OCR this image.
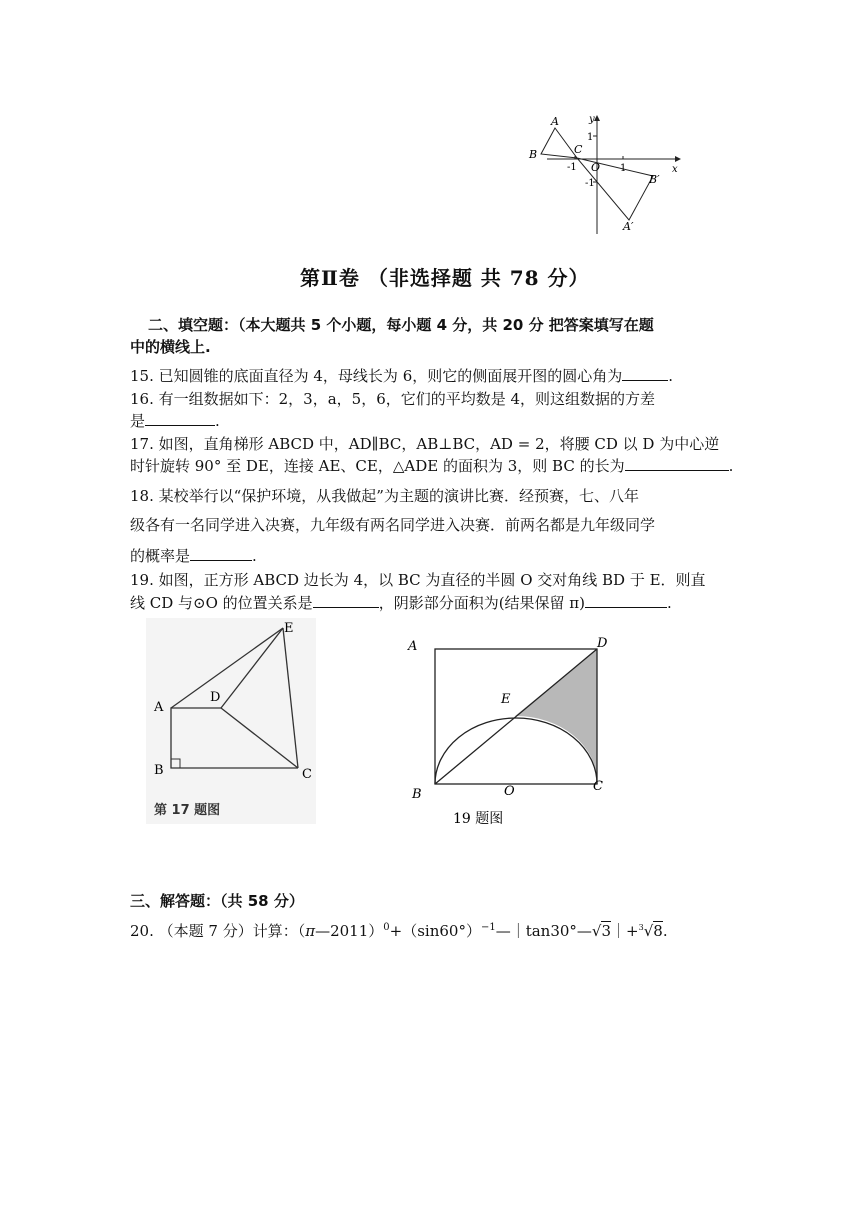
A
B	C
O
B′
A′
x
y
1
-1
-1	1
第Ⅱ卷 （非选择题 共 78 分）
二、填空题：（本大题共 5 个小题，每小题 4 分，共 20 分 把答案填写在题
中的横线上.
15. 已知圆锥的底面直径为 4，母线长为 6，则它的侧面展开图的圆心角为	.
16. 有一组数据如下：2，3，a，5，6，它们的平均数是 4，则这组数据的方差
是	.
17. 如图，直角梯形 ABCD 中，AD∥BC，AB⊥BC，AD = 2，将腰 CD 以 D 为中心逆
时针旋转 90° 至 DE，连接 AE、CE，△ADE 的面积为 3，则 BC 的长为	.
18. 某校举行以“保护环境，从我做起”为主题的演讲比赛．经预赛，七、八年
级各有一名同学进入决赛，九年级有两名同学进入决赛．前两名都是九年级同学
的概率是	.
19. 如图，正方形 ABCD 边长为 4，以 BC 为直径的半圆 O 交对角线 BD 于 E．则直
线 CD 与⊙O 的位置关系是	，阴影部分面积为(结果保留 π)	.
E
D
A
B	C
第 17 题图
A	D
E
B	O	C
19 题图
三、解答题：（共 58 分）
20. （本题 7 分）计算：$(\pi—2011)^0+(\sin 60^\circ)^{-1}—|\tan 30^\circ—√3|+^3√8$.
